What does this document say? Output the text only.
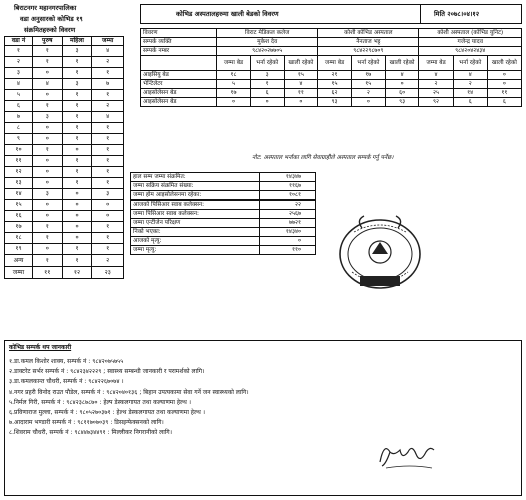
बिराटनगर महानगरपालिका
वडा अनुसारको कोभिड १९
संक्रमितहरुको विवरण
वडा नं	पुरुष	महिला	जम्मा
१	१	३	४
२	१	१	२
३	०	१	१
४	४	३	७
५	०	१	१
६	१	१	२
७	३	१	४
८	०	१	१
९	०	१	१
१०	१	०	१
११	०	१	१
१२	०	१	१
१३	०	१	१
१४	३	०	३
१५	०	०	०
१६	०	०	०
१७	१	०	१
१८	१	०	१
१९	०	१	१
अन्य	१	१	२
जम्मा	११	१२	२३
कोभिड अस्पतालहरुमा खाली बेडको विवरण	मिति २०७८।०४।१२
विवरण	विराट मेडिकल कलेज			कोशी कोभिड अस्पताल			कोशी अस्पताल (कोभिड युनिट)		
सम्पर्क व्यक्ति	मुकेश देव			नैनताज भट्ट			गजेन्द्र यादव		
सम्पर्क नम्बर	९८४२०२७७०५			९८४२२९८७०९			९८४२०४२४३४		
	जम्मा बेड	भर्ना रहेको	खाली रहेको	जम्मा बेड	भर्ना रहेको	खाली रहेको	जम्मा बेड	भर्ना रहेको	खाली रहेको
आइसियु बेड	१८	३	१५	२१	१७	४	४	४	०
भेन्टिलेटर	५	१	४	१५	१५	०	२	२	०
आइसोलेसन बेड	१७	६	११	६२	२	६०	२५	१४	११
आइसोलेसन बेड	०	०	०	९३	०	९३	९२	६	६
नोट: अस्पताल भर्नाका लागि सेवाग्राहीले अस्पताल सम्पर्क गर्नु पर्नेछ।
हाल सम्म जम्मा संक्रमित:	१४३४७
जम्मा सक्रिय संक्रमित संख्या:	११६७
जम्मा होम आइसोलेसनमा रहेका:	१०८१
आजको पिसिआर स्वाब कलेक्सन:	२२
जम्मा पिसिआर स्वाब कलेक्सन:	२५६७
जम्मा एन्टीजेन परिक्षण	७७२१
निको भएका:	१४३४०
आजको मृत्यु:	०
जम्मा मृत्यु:	११०
कोभिड सम्पर्क थप जानकारी
१.डा.कमल किशोर शाक्य, सम्पर्क नं : ९८४२०७५७५५
२.डाक्टरेट सर्भर सम्पर्क नं : ९८४२३४२२२९ ; स्वास्थ्य सम्बन्धी जानकारी र परामर्शको लागि।
३.डा.कमलकान्त चौधरी, सम्पर्क नं : ९८४२२६७०७४ ।
४.नगर प्रहरी विनोद राउत पौडेल, सम्पर्क नं : ९८४२०४०१३६ ; बिहान उपत्यकामा सेवा गर्ने जन स्वास्थ्यको लागि।
५.निर्मल गिरी, सम्पर्क नं : ९८४२३८७८७० : हेल्प डेस्कलगायत तथा कल्याणमा हेल्थ ।
६.प्रविणाराज मुल्ला, सम्पर्क नं : ९८०५२७०३७१ : हेल्थ डेस्कलगायत तथा कल्याणमा हेल्थ ।
७.आदाराम भण्डारी सम्पर्क नं : ९८११७०७०३९ : डिसइन्फेक्सनको लागि।
८.शिवराम चौधरी, सम्पर्क नं : ९८४४७३४४९१ : मिल्लीकर निगरानीको लागि।
